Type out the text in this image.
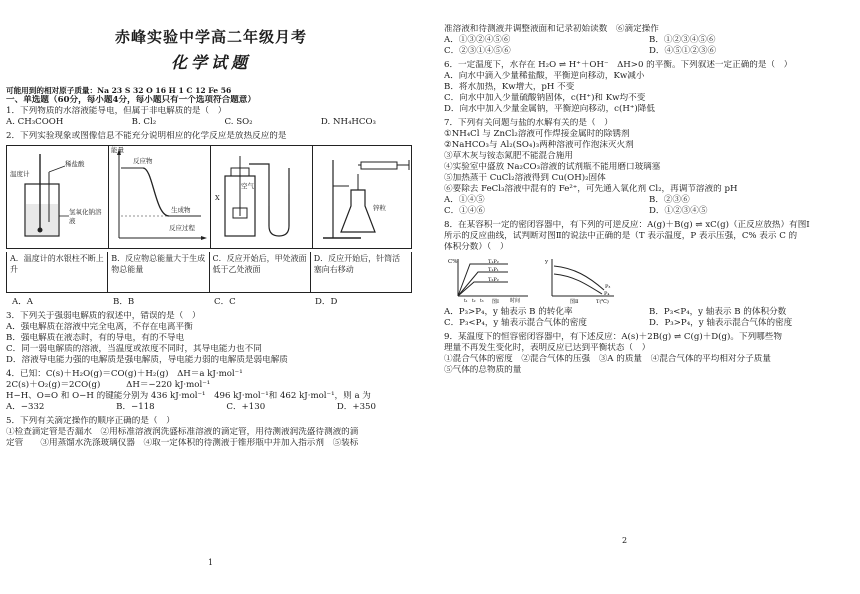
赤峰实验中学高二年级月考
化学试题
可能用到的相对原子质量：Na 23 S 32 O 16 H 1 C 12 Fe 56
一、单选题（60分，每小题4分，每小题只有一个选项符合题意）
1．下列物质的水溶液能导电，但属于非电解质的是（　）
A. CH₃COOH	B. Cl₂	C. SO₂	D. NH₄HCO₃
2．下列实验现象或图像信息不能充分说明相应的化学反应是放热反应的是
温度计
稀盐酸
氢氧化钠溶液
能量
反应物
生成物
反应过程
空气
X
锌粒
A．温度计的水银柱不断上升
B．反应物总能量大于生成物总能量
C．反应开始后，甲处液面低于乙处液面
D．反应开始后，针筒活塞向右移动
A．A	B．B	C．C	D．D
3．下列关于强弱电解质的叙述中，错误的是（　）
A．强电解质在溶液中完全电离，不存在电离平衡
B．强电解质在液态时，有的导电，有的不导电
C．同一弱电解质的溶液，当温度或浓度不同时，其导电能力也不同
D．溶液导电能力强的电解质是强电解质，导电能力弱的电解质是弱电解质
4．已知：C(s)＋H₂O(g)＝CO(g)＋H₂(g)　ΔH＝a kJ·mol⁻¹
2C(s)＋O₂(g)＝2CO(g)　　　ΔH＝−220 kJ·mol⁻¹
H−H、O=O 和 O−H 的键能分别为 436 kJ·mol⁻¹　496 kJ·mol⁻¹和 462 kJ·mol⁻¹，则 a 为
A．−332	B．−118	C．+130	D．+350
5．下列有关滴定操作的顺序正确的是（　）
①检查滴定管是否漏水　②用标准溶液润洗盛标准溶液的滴定管，用待测液润洗盛待测液的滴
定管　　③用蒸馏水洗涤玻璃仪器　④取一定体积的待测液于锥形瓶中并加入指示剂　⑤装标
1
准溶液和待测液并调整液面和记录初始读数　⑥滴定操作
A．①③②④⑤⑥	B．①②③④⑤⑥
C．②③①④⑤⑥	D．④⑤①②③⑥
6．一定温度下，水存在 H₂O ⇌ H⁺＋OH⁻　ΔH>0 的平衡。下列叙述一定正确的是（　）
A．向水中滴入少量稀盐酸，平衡逆向移动，Kw减小
B．将水加热，Kw增大，pH 不变
C．向水中加入少量硫酸钠固体，c(H⁺)和 Kw均不变
D．向水中加入少量金属钠，平衡逆向移动，c(H⁺)降低
7．下列有关问题与盐的水解有关的是（　）
①NH₄Cl 与 ZnCl₂溶液可作焊接金属时的除锈剂
②NaHCO₃与 Al₂(SO₄)₃两种溶液可作泡沫灭火剂
③草木灰与铵态氮肥不能混合施用
④实验室中盛放 Na₂CO₃溶液的试剂瓶不能用磨口玻璃塞
⑤加热蒸干 CuCl₂溶液得到 Cu(OH)₂固体
⑥要除去 FeCl₃溶液中混有的 Fe²⁺，可先通入氧化剂 Cl₂，再调节溶液的 pH
A．①④⑤	B．②③⑥
C．①④⑥	D．①②③④⑤
8．在某容积一定的密闭容器中，有下列的可逆反应：A(g)＋B(g) ⇌ xC(g)（正反应放热）有图Ⅰ
所示的反应曲线，试判断对图Ⅱ的说法中正确的是（T 表示温度，P 表示压强，C% 表示 C 的
体积分数）（　）
C%	T₁P₂
T₁P₁
T₂P₂
t₁ t₂ t₃	时间
图Ⅰ
y
P₃
P₄
T(℃)
图Ⅱ
A．P₃>P₄，y 轴表示 B 的转化率	B．P₃<P₄，y 轴表示 B 的体积分数
C．P₃<P₄，y 轴表示混合气体的密度	D．P₃>P₄，y 轴表示混合气体的密度
9．某温度下的恒容密闭容器中，有下述反应：A(s)＋2B(g) ⇌ C(g)＋D(g)。下列哪些物
理量不再发生变化时，表明反应已达到平衡状态（　）
①混合气体的密度　②混合气体的压强　③A 的质量　④混合气体的平均相对分子质量
⑤气体的总物质的量
2
